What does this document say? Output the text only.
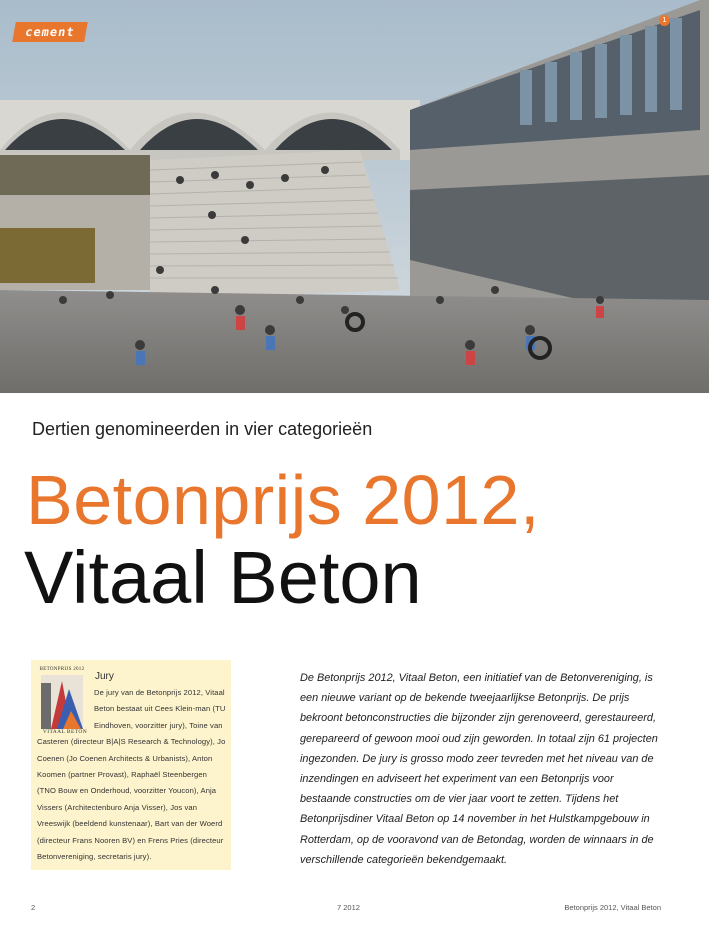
cement
1
Dertien genomineerden in vier categorieën
Betonprijs 2012,
Vitaal Beton
BETONPRIJS 2012
VITAAL BETON
Jury
De jury van de Betonprijs 2012, Vitaal Beton bestaat uit Cees Klein-man (TU Eindhoven, voorzitter jury), Toine van Casteren (directeur B|A|S Research & Technology), Jo Coenen (Jo Coenen Architects & Urbanists), Anton Koomen (partner Provast), Raphaël Steenbergen (TNO Bouw en Onderhoud, voorzitter Youcon), Anja Vissers (Architectenburo Anja Visser), Jos van Vreeswijk (beeldend kunstenaar), Bart van der Woerd (directeur Frans Nooren BV) en Frens Pries (directeur Betonvereniging, secretaris jury).
De Betonprijs 2012, Vitaal Beton, een initiatief van de Betonvereniging, is een nieuwe variant op de bekende tweejaarlijkse Betonprijs. De prijs bekroont betonconstructies die bijzonder zijn gerenoveerd, gerestaureerd, gerepareerd of gewoon mooi oud zijn geworden. In totaal zijn 61 projecten ingezonden. De jury is grosso modo zeer tevreden met het niveau van de inzendingen en adviseert het experiment van een Betonprijs voor bestaande constructies om de vier jaar voort te zetten. Tijdens het Betonprijsdiner Vitaal Beton op 14 november in het Hulstkampgebouw in Rotterdam, op de vooravond van de Betondag, worden de winnaars in de verschillende categorieën bekendgemaakt.
2	7 2012	Betonprijs 2012, Vitaal Beton
